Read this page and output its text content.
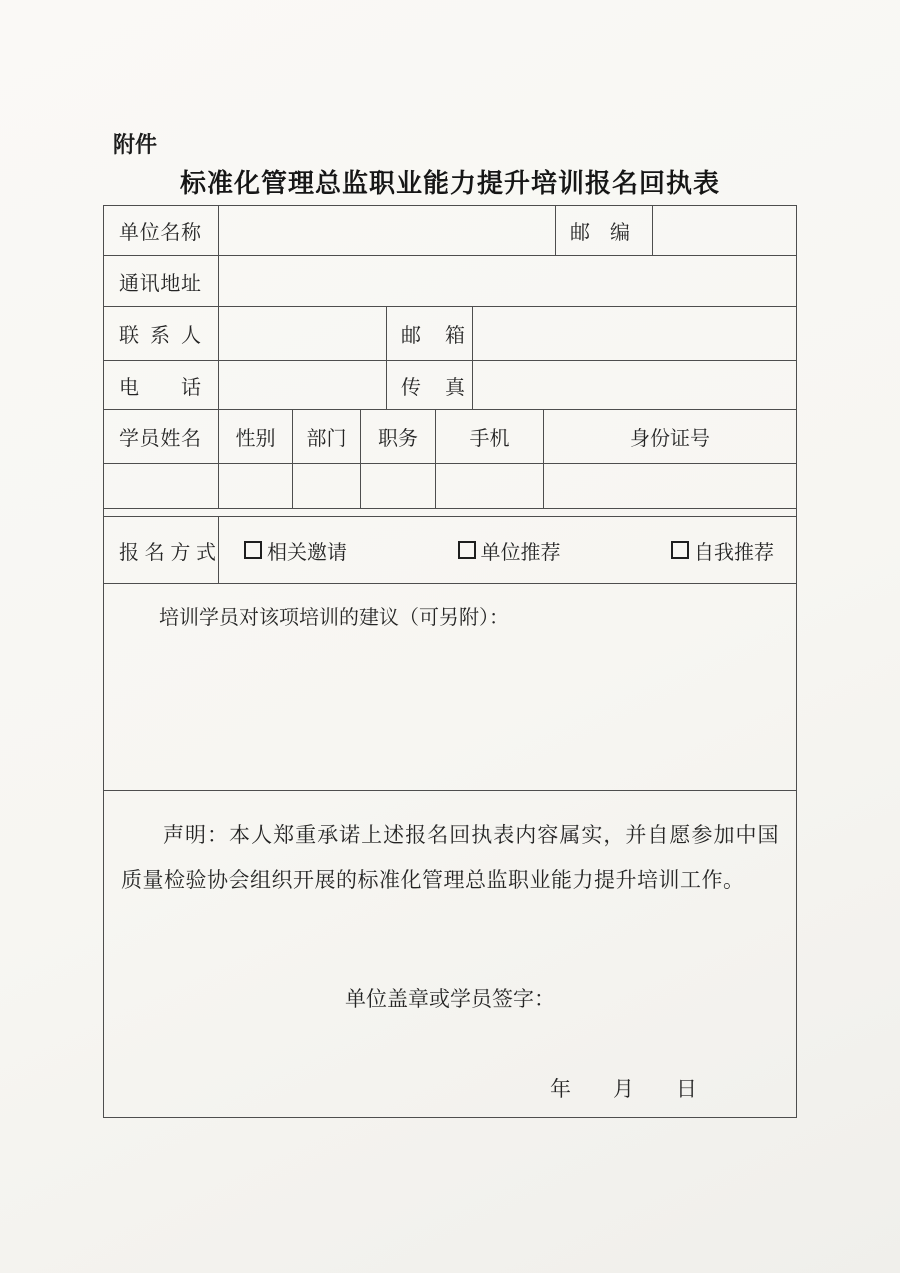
附件
标准化管理总监职业能力提升培训报名回执表
单位名称	邮编
通讯地址
联系人	邮箱
电话	传真
学员姓名	性别	部门	职务	手机	身份证号
报名方式	相关邀请	单位推荐	自我推荐

培训学员对该项培训的建议（可另附）：

声明：本人郑重承诺上述报名回执表内容属实，并自愿参加中国质量检验协会组织开展的标准化管理总监职业能力提升培训工作。

单位盖章或学员签字：
年　　月　　日
